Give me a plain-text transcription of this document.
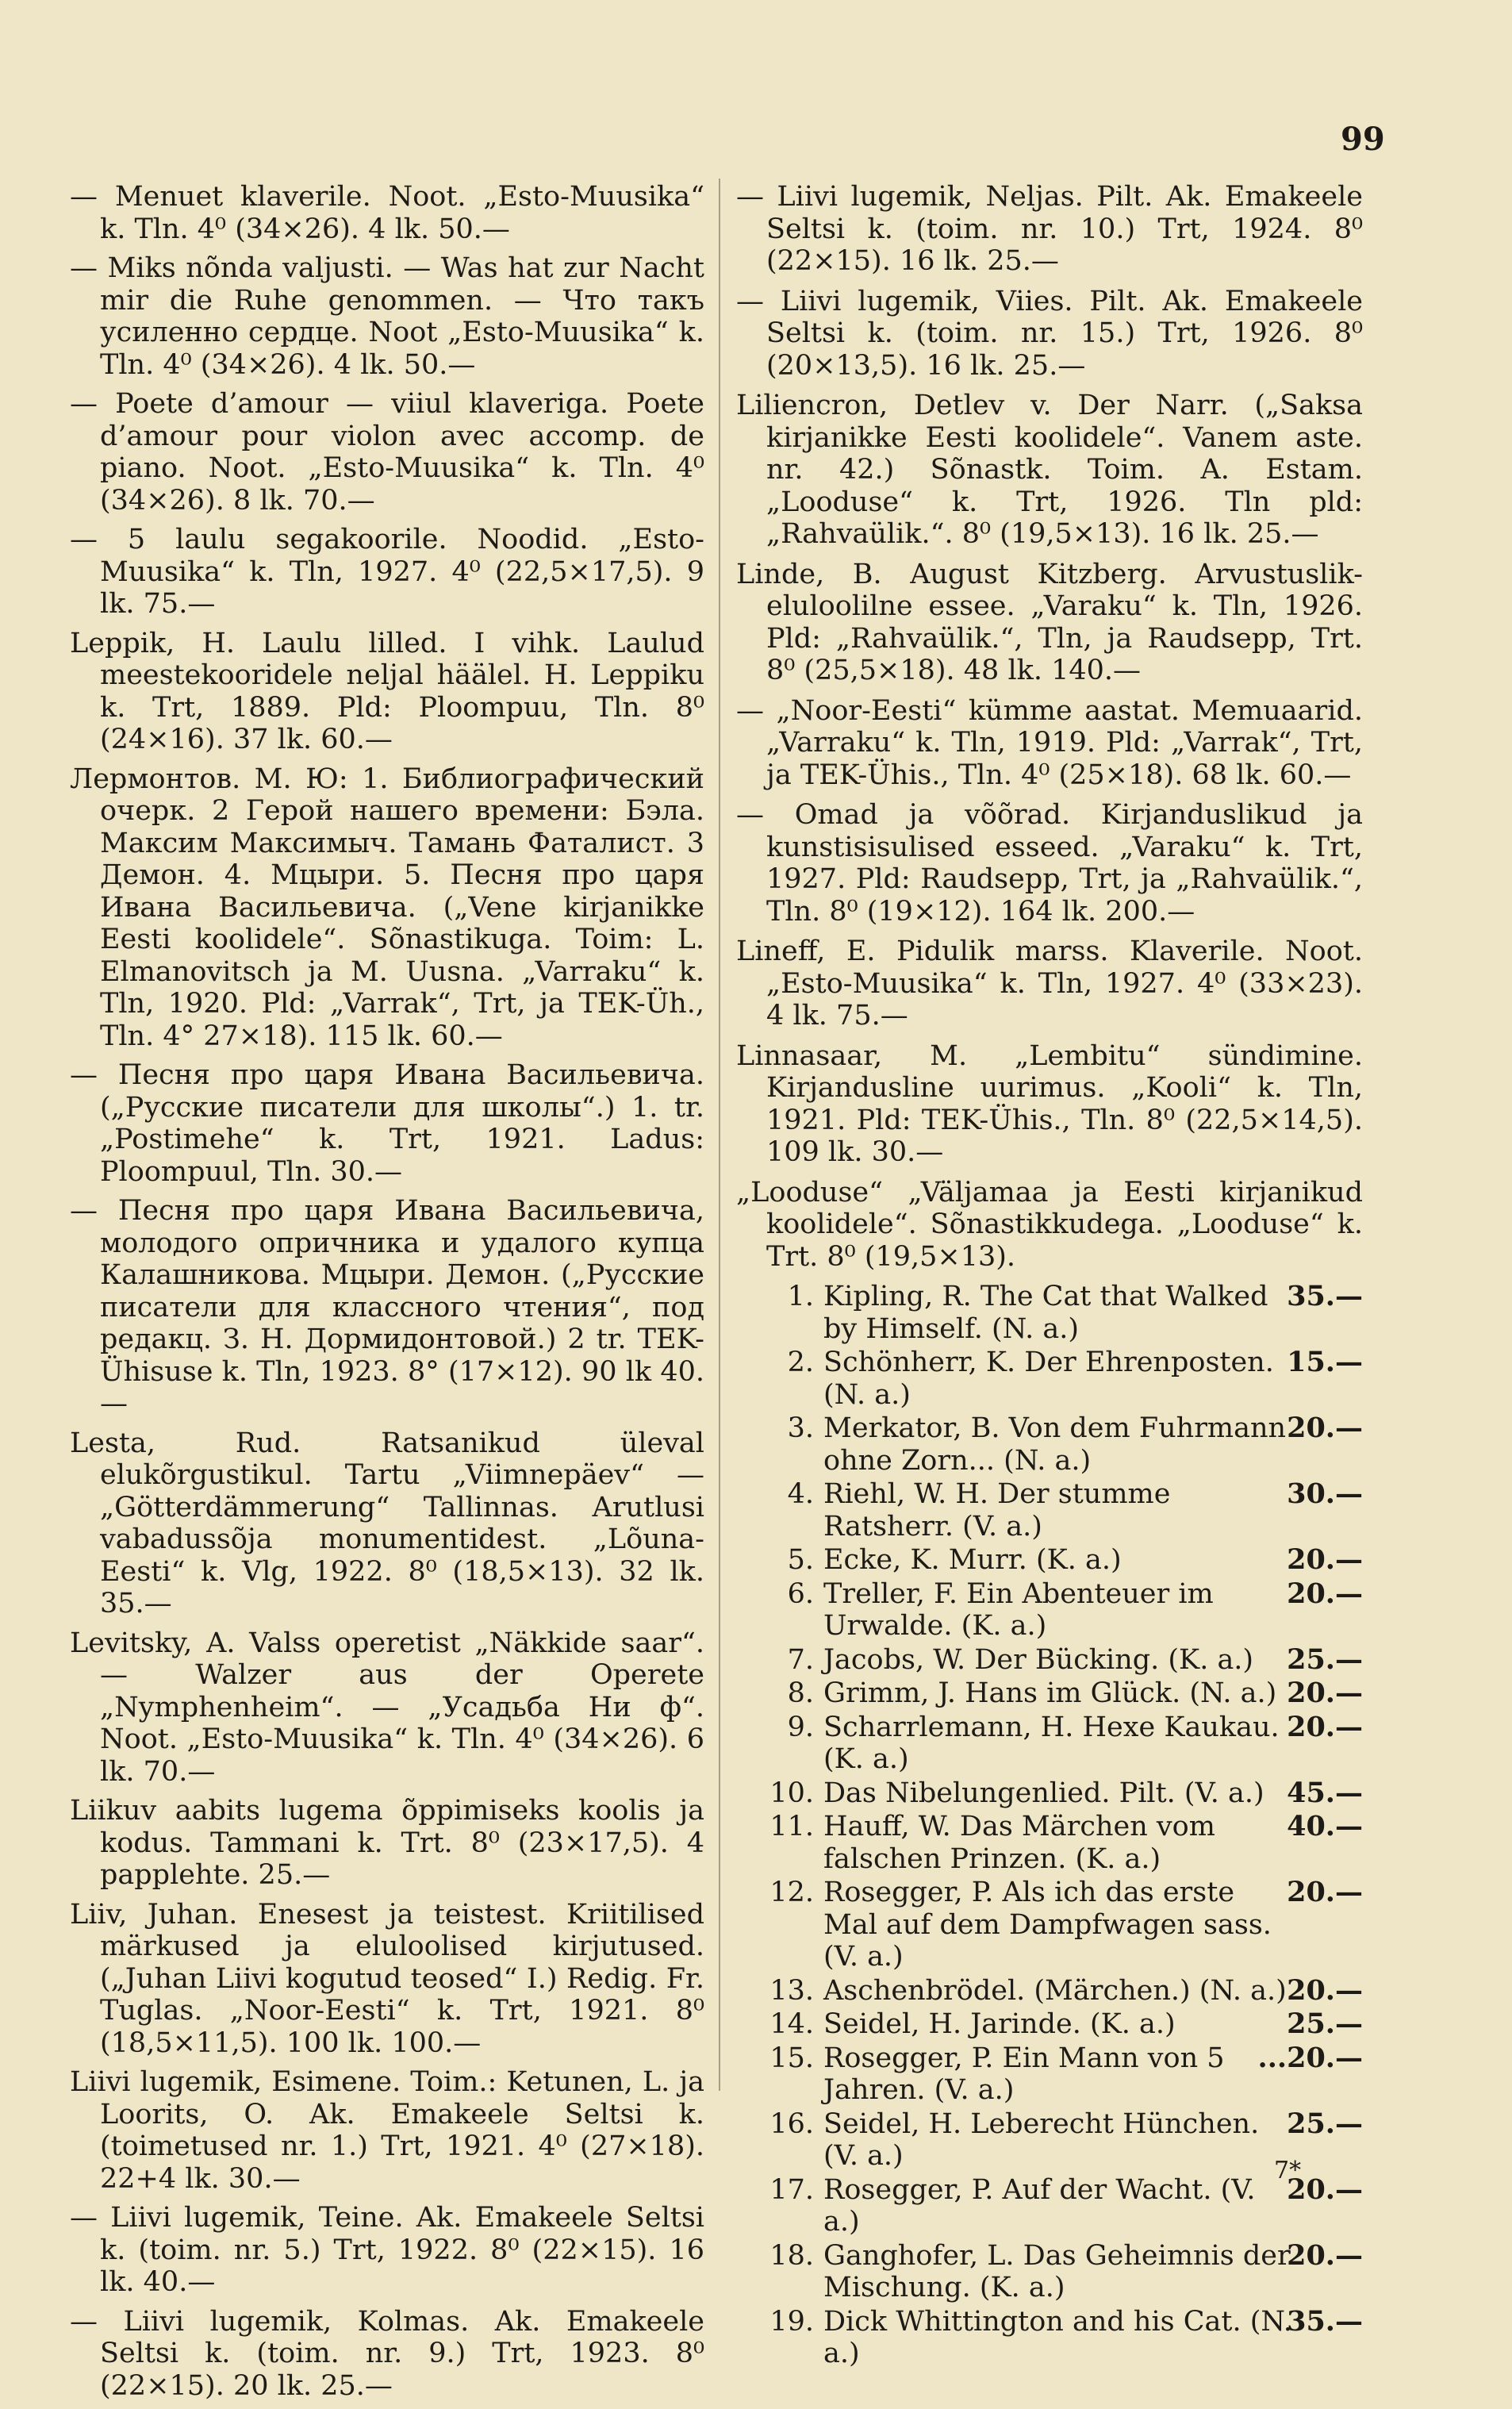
99

— Menuet klaverile. Noot. „Esto-Muusika“ k. Tln. 4⁰ (34×26). 4 lk. 50.—

— Miks nõnda valjusti. — Was hat zur Nacht mir die Ruhe genommen. — Что такъ усиленно сердце. Noot „Esto-Muusika“ k. Tln. 4⁰ (34×26). 4 lk. 50.—

— Poete d’amour — viiul klaveriga. Poete d’amour pour violon avec accomp. de piano. Noot. „Esto-Muusika“ k. Tln. 4⁰ (34×26). 8 lk. 70.—

— 5 laulu segakoorile. Noodid. „Esto-Muusika“ k. Tln, 1927. 4⁰ (22,5×17,5). 9 lk. 75.—

Leppik, H. Laulu lilled. I vihk. Laulud meestekooridele neljal häälel. H. Leppiku k. Trt, 1889. Pld: Ploompuu, Tln. 8⁰ (24×16). 37 lk. 60.—

Лермонтов. М. Ю: 1. Библиографический очерк. 2 Герой нашего времени: Бэла. Максим Максимыч. Тамань Фаталист. 3 Демон. 4. Мцыри. 5. Песня про царя Ивана Васильевича. („Vene kirjanikke Eesti koolidele“. Sõnastikuga. Toim: L. Elmanovitsch ja M. Uusna. „Varraku“ k. Tln, 1920. Pld: „Varrak“, Trt, ja TEK-Üh., Tln. 4° 27×18). 115 lk. 60.—

— Песня про царя Ивана Васильевича. („Русские писатели для школы“.) 1. tr. „Postimehe“ k. Trt, 1921. Ladus: Ploompuul, Tln. 30.—

— Песня про царя Ивана Васильевича, молодого опричника и удалого купца Калашникова. Мцыри. Демон. („Русские писатели для классного чтения“, под редакц. З. Н. Дормидонтовой.) 2 tr. TEK-Ühisuse k. Tln, 1923. 8° (17×12). 90 lk 40.—

Lesta, Rud. Ratsanikud üleval elukõrgustikul. Tartu „Viimnepäev“ — „Götterdämmerung“ Tallinnas. Arutlusi vabadussõja monumentidest. „Lõuna-Eesti“ k. Vlg, 1922. 8⁰ (18,5×13). 32 lk. 35.—

Levitsky, A. Valss operetist „Näkkide saar“. — Walzer aus der Operete „Nymphenheim“. — „Усадьба Ни ф“. Noot. „Esto-Muusika“ k. Tln. 4⁰ (34×26). 6 lk. 70.—

Liikuv aabits lugema õppimiseks koolis ja kodus. Tammani k. Trt. 8⁰ (23×17,5). 4 papplehte. 25.—

Liiv, Juhan. Enesest ja teistest. Kriitilised märkused ja eluloolised kirjutused. („Juhan Liivi kogutud teosed“ I.) Redig. Fr. Tuglas. „Noor-Eesti“ k. Trt, 1921. 8⁰ (18,5×11,5). 100 lk. 100.—

Liivi lugemik, Esimene. Toim.: Ketunen, L. ja Loorits, O. Ak. Emakeele Seltsi k. (toimetused nr. 1.) Trt, 1921. 4⁰ (27×18). 22+4 lk. 30.—

— Liivi lugemik, Teine. Ak. Emakeele Seltsi k. (toim. nr. 5.) Trt, 1922. 8⁰ (22×15). 16 lk. 40.—

— Liivi lugemik, Kolmas. Ak. Emakeele Seltsi k. (toim. nr. 9.) Trt, 1923. 8⁰ (22×15). 20 lk. 25.—

— Liivi lugemik, Neljas. Pilt. Ak. Emakeele Seltsi k. (toim. nr. 10.) Trt, 1924. 8⁰ (22×15). 16 lk. 25.—

— Liivi lugemik, Viies. Pilt. Ak. Emakeele Seltsi k. (toim. nr. 15.) Trt, 1926. 8⁰ (20×13,5). 16 lk. 25.—

Liliencron, Detlev v. Der Narr. („Saksa kirjanikke Eesti koolidele“. Vanem aste. nr. 42.) Sõnastk. Toim. A. Estam. „Looduse“ k. Trt, 1926. Tln pld: „Rahvaülik.“. 8⁰ (19,5×13). 16 lk. 25.—

Linde, B. August Kitzberg. Arvustuslik-eluloolilne essee. „Varaku“ k. Tln, 1926. Pld: „Rahvaülik.“, Tln, ja Raudsepp, Trt. 8⁰ (25,5×18). 48 lk. 140.—

— „Noor-Eesti“ kümme aastat. Memuaarid. „Varraku“ k. Tln, 1919. Pld: „Varrak“, Trt, ja TEK-Ühis., Tln. 4⁰ (25×18). 68 lk. 60.—

— Omad ja võõrad. Kirjanduslikud ja kunstisisulised esseed. „Varaku“ k. Trt, 1927. Pld: Raudsepp, Trt, ja „Rahvaülik.“, Tln. 8⁰ (19×12). 164 lk. 200.—

Lineff, E. Pidulik marss. Klaverile. Noot. „Esto-Muusika“ k. Tln, 1927. 4⁰ (33×23). 4 lk. 75.—

Linnasaar, M. „Lembitu“ sündimine. Kirjandusline uurimus. „Kooli“ k. Tln, 1921. Pld: TEK-Ühis., Tln. 8⁰ (22,5×14,5). 109 lk. 30.—

„Looduse“ „Väljamaa ja Eesti kirjanikud koolidele“. Sõnastikkudega. „Looduse“ k. Trt. 8⁰ (19,5×13).

1. Kipling, R. The Cat that Walked by Himself. (N. a.)
35.—
2. Schönherr, K. Der Ehrenposten. (N. a.)
15.—
3. Merkator, B. Von dem Fuhrmann ohne Zorn... (N. a.)
20.—
4. Riehl, W. H. Der stumme Ratsherr. (V. a.)
30.—
5. Ecke, K. Murr. (K. a.)	20.—
6. Treller, F. Ein Abenteuer im Urwalde. (K. a.)
20.—
7. Jacobs, W. Der Bücking. (K. a.) 25.—
8. Grimm, J. Hans im Glück. (N. a.) 20.—
9. Scharrlemann, H. Hexe Kaukau. (K. a.)
20.—
10. Das Nibelungenlied. Pilt. (V. a.) 45.—
11. Hauff, W. Das Märchen vom falschen Prinzen. (K. a.)
40.—
12. Rosegger, P. Als ich das erste Mal auf dem Dampfwagen sass. (V. a.)
20.—
13. Aschenbrödel. (Märchen.) (N. a.) 20.—
14. Seidel, H. Jarinde. (K. a.)	25.—
15. Rosegger, P. Ein Mann von 5 Jahren. (V. a.)
...20.—
16. Seidel, H. Leberecht Hünchen. (V. a.)
25.—
17. Rosegger, P. Auf der Wacht. (V. a.)
20.—
18. Ganghofer, L. Das Geheimnis der Mischung. (K. a.)
20.—
19. Dick Whittington and his Cat. (N. a.)
35.—
7*
